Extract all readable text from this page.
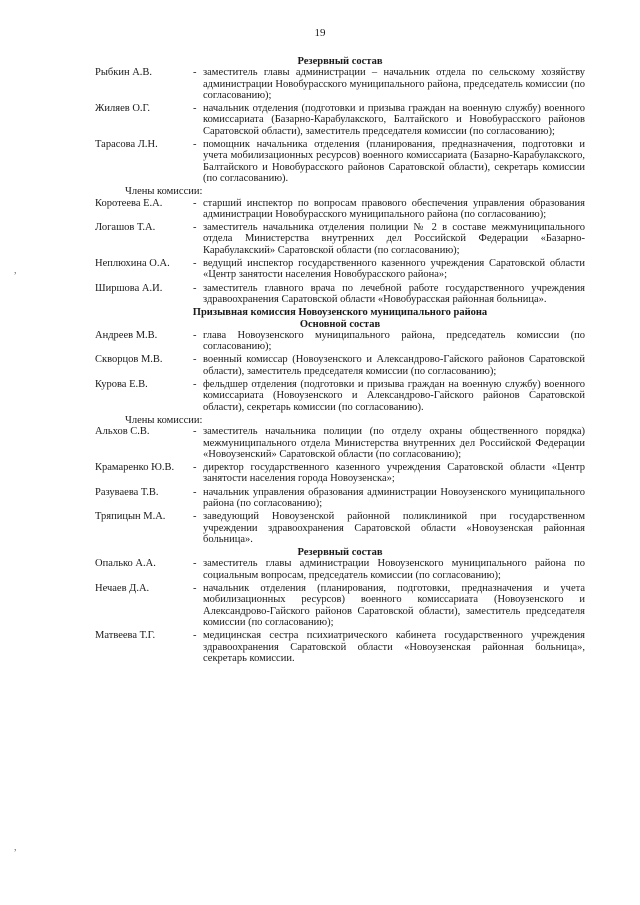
19
,
,
Резервный состав
Рыбкин А.В.	- заместитель главы администрации – начальник отдела по сельскому хозяйству администрации Новобурасского муниципального района, председатель комиссии (по согласованию);
Жиляев О.Г.	- начальник отделения (подготовки и призыва граждан на военную службу) военного комиссариата (Базарно-Карабулакского, Балтайского и Новобурасского районов Саратовской области), заместитель председателя комиссии (по согласованию);
Тарасова Л.Н.	- помощник начальника отделения (планирования, предназначения, подготовки и учета мобилизационных ресурсов) военного комиссариата (Базарно-Карабулакского, Балтайского и Новобурасского районов Саратовской области), секретарь комиссии (по согласованию).
Члены комиссии:
Коротеева Е.А.	- старший инспектор по вопросам правового обеспечения управления образования администрации Новобурасского муниципального района (по согласованию);
Логашов Т.А.	- заместитель начальника отделения полиции № 2 в составе межмуниципального отдела Министерства внутренних дел Российской Федерации «Базарно-Карабулакский» Саратовской области (по согласованию);
Неплюхина О.А.	- ведущий инспектор государственного казенного учреждения Саратовской области «Центр занятости населения Новобурасского района»;
Ширшова А.И.	- заместитель главного врача по лечебной работе государственного учреждения здравоохранения Саратовской области «Новобурасская районная больница».
Призывная комиссия Новоузенского муниципального района
Основной состав
Андреев М.В.	- глава Новоузенского муниципального района, председатель комиссии (по согласованию);
Скворцов М.В.	- военный комиссар (Новоузенского и Александрово-Гайского районов Саратовской области), заместитель председателя комиссии (по согласованию);
Курова Е.В.	- фельдшер отделения (подготовки и призыва граждан на военную службу) военного комиссариата (Новоузенского и Александрово-Гайского районов Саратовской области), секретарь комиссии (по согласованию).
Члены комиссии:
Альхов С.В.	- заместитель начальника полиции (по отделу охраны общественного порядка) межмуниципального отдела Министерства внутренних дел Российской Федерации «Новоузенский» Саратовской области (по согласованию);
Крамаренко Ю.В.	- директор государственного казенного учреждения Саратовской области «Центр занятости населения города Новоузенска»;
Разуваева Т.В.	- начальник управления образования администрации Новоузенского муниципального района (по согласованию);
Тряпицын М.А.	- заведующий Новоузенской районной поликлиникой при государственном учреждении здравоохранения Саратовской области «Новоузенская районная больница».
Резервный состав
Опалько А.А.	- заместитель главы администрации Новоузенского муниципального района по социальным вопросам, председатель комиссии (по согласованию);
Нечаев Д.А.	- начальник отделения (планирования, подготовки, предназначения и учета мобилизационных ресурсов) военного комиссариата (Новоузенского и Александрово-Гайского районов Саратовской области), заместитель председателя комиссии (по согласованию);
Матвеева Т.Г.	- медицинская сестра психиатрического кабинета государственного учреждения здравоохранения Саратовской области «Новоузенская районная больница», секретарь комиссии.
